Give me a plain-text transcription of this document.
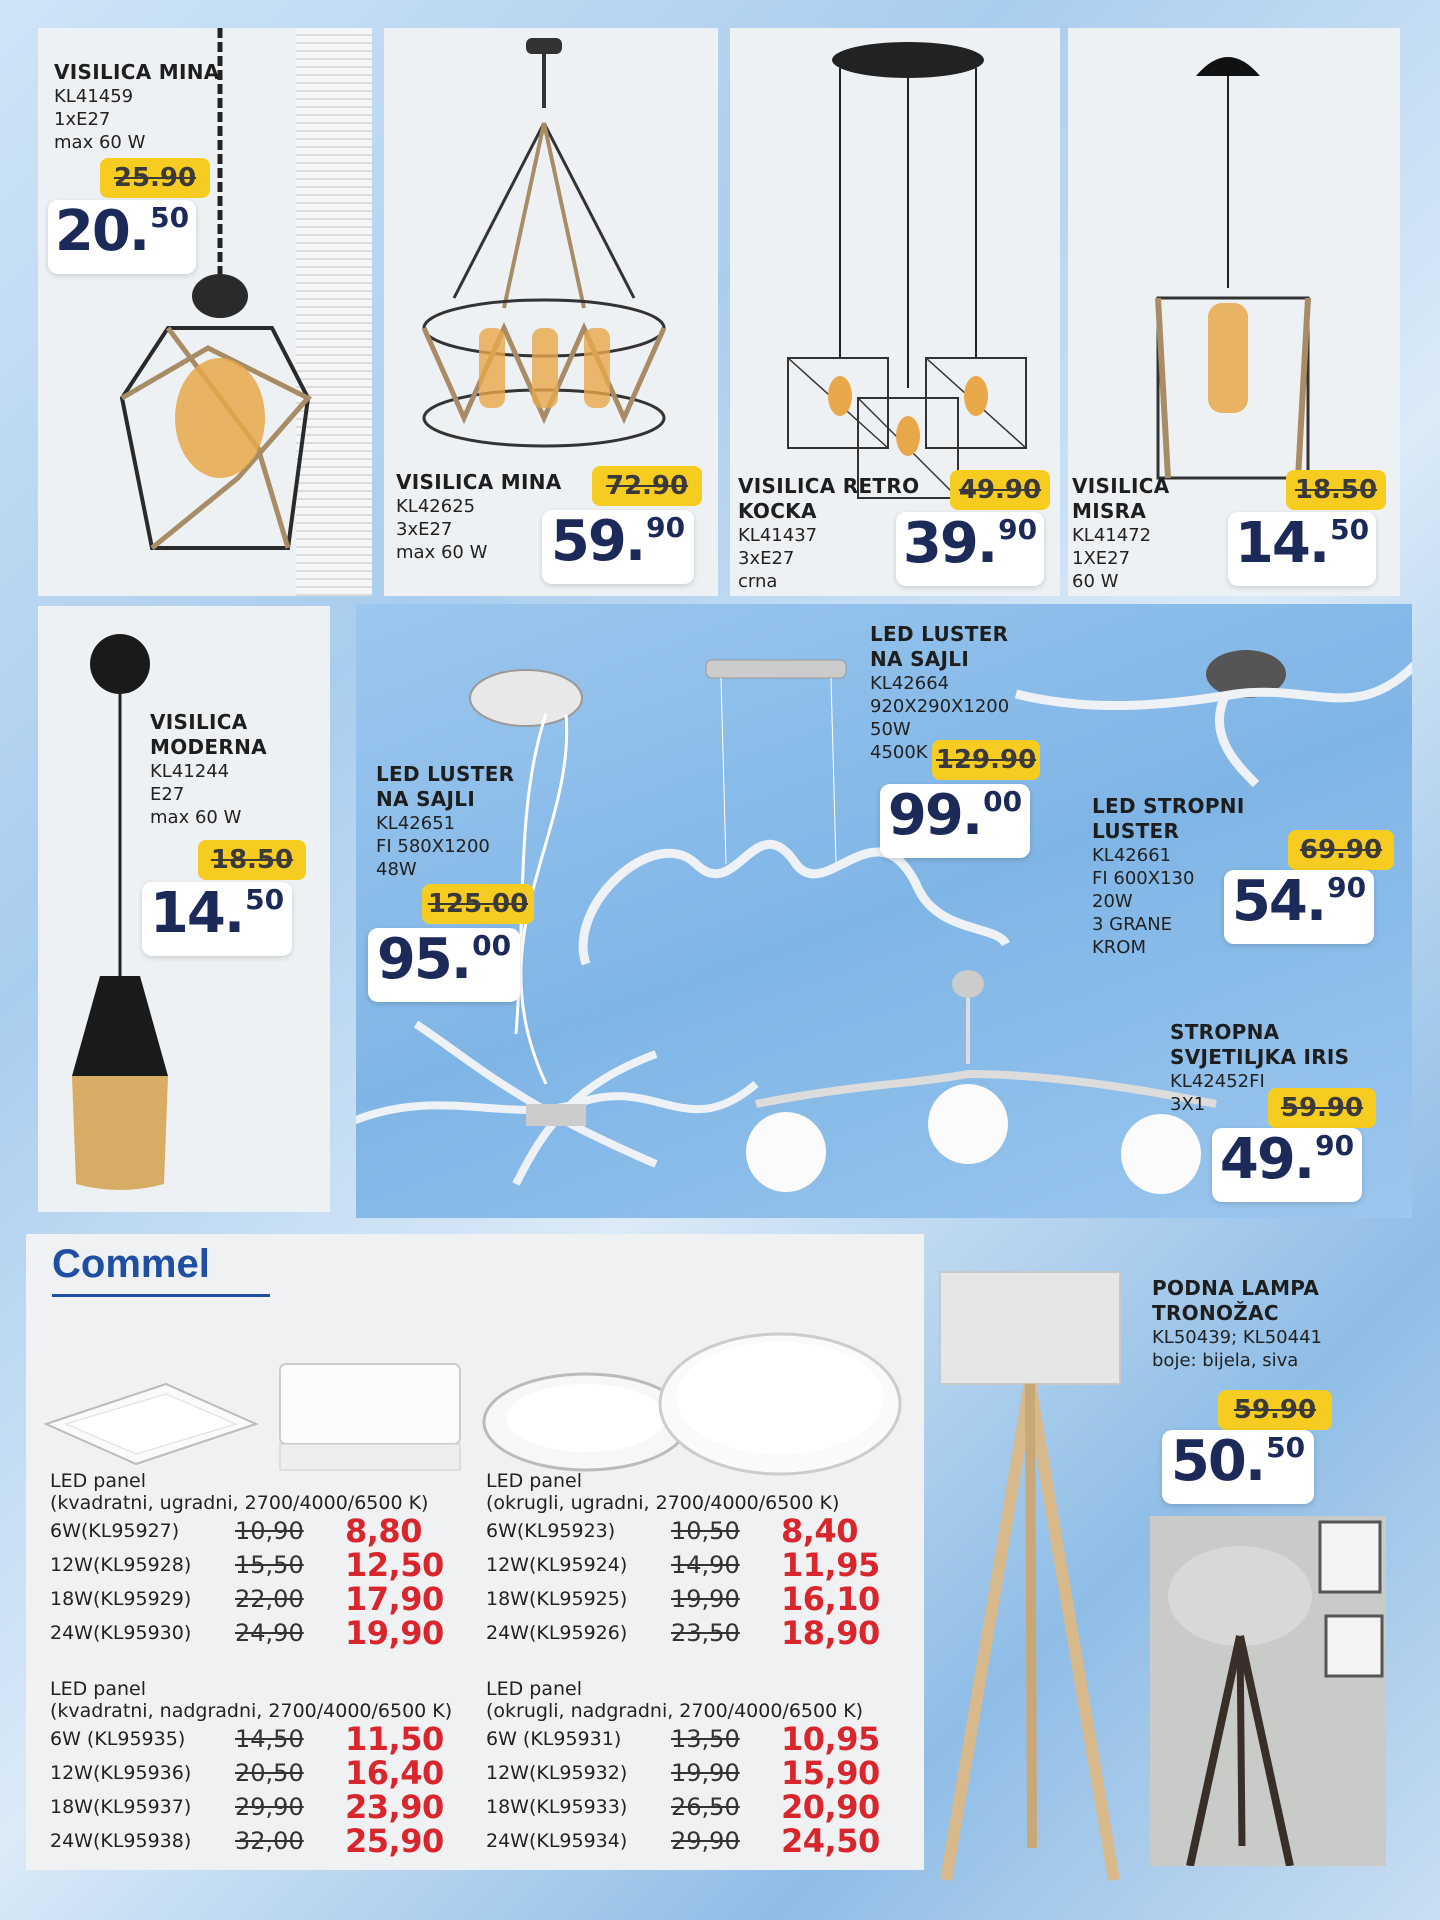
VISILICA MINA
KL41459
1xE27
max 60 W
25.90
20 . 50
VISILICA MINA
KL42625
3xE27
max 60 W
72.90
59 . 90
VISILICA RETRO
KOCKA
KL41437
3xE27
crna
49.90
39 . 90
VISILICA
MISRA
KL41472
1XE27
60 W
18.50
14 . 50
VISILICA
MODERNA
KL41244
E27
max 60 W
18.50
14 . 50
LED LUSTER
NA SAJLI
KL42651
FI 580X1200
48W
125.00
95 . 00
LED LUSTER
NA SAJLI
KL42664
920X290X1200
50W
4500K 129.90
99 . 00	LED STROPNI
LUSTER
KL42661
FI 600X130
20W
3 GRANE
KROM
69.90
54 . 90
STROPNA
SVJETILJKA IRIS
KL42452FI
3X1	59.90
49 . 90
Commel
LED panel
(kvadratni, ugradni, 2700/4000/6500 K)
6W(KL95927)	10,90	8,80
12W(KL95928)	15,50	12,50
18W(KL95929)	22,00	17,90
24W(KL95930)	24,90	19,90
LED panel
(okrugli, ugradni, 2700/4000/6500 K)
6W(KL95923)	10,50	8,40
12W(KL95924)	14,90	11,95
18W(KL95925)	19,90	16,10
24W(KL95926)	23,50	18,90
LED panel
(kvadratni, nadgradni, 2700/4000/6500 K)
6W (KL95935)	14,50	11,50
12W(KL95936)	20,50	16,40
18W(KL95937)	29,90	23,90
24W(KL95938)	32,00	25,90
LED panel
(okrugli, nadgradni, 2700/4000/6500 K)
6W (KL95931)	13,50	10,95
12W(KL95932)	19,90	15,90
18W(KL95933)	26,50	20,90
24W(KL95934)	29,90	24,50
PODNA LAMPA
TRONOŽAC
KL50439; KL50441
boje: bijela, siva
59.90
50 . 50
